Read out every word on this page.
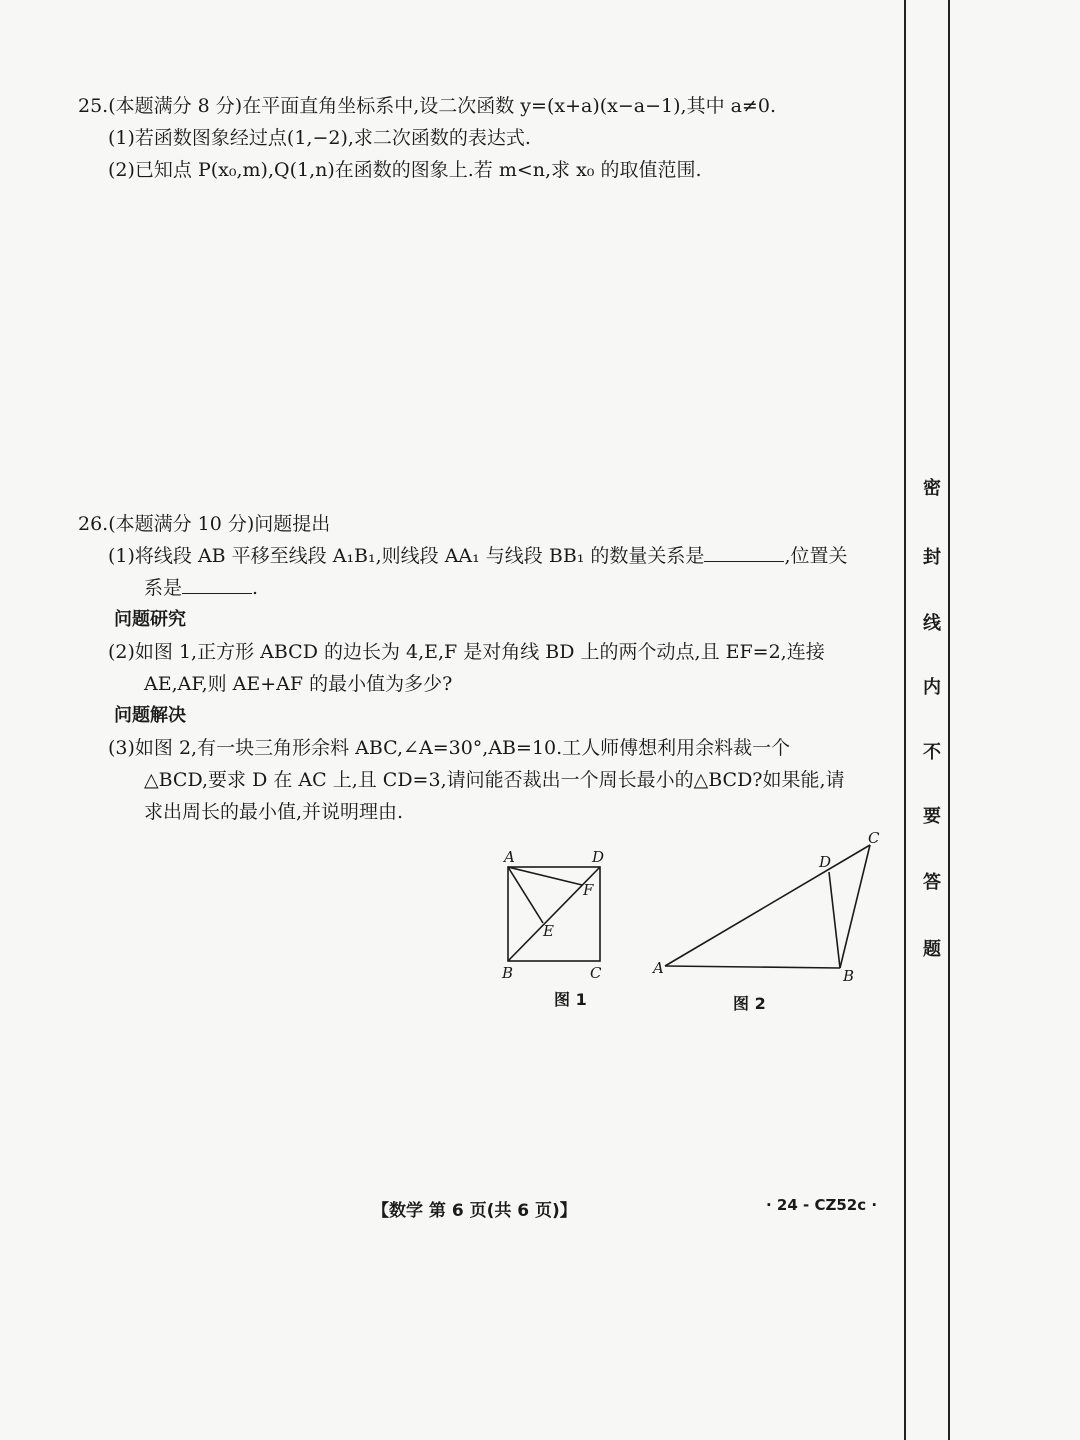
25.(本题满分 8 分)在平面直角坐标系中,设二次函数 y=(x+a)(x−a−1),其中 a≠0.
(1)若函数图象经过点(1,−2),求二次函数的表达式.
(2)已知点 P(x₀,m),Q(1,n)在函数的图象上.若 m<n,求 x₀ 的取值范围.
26.(本题满分 10 分)问题提出
(1)将线段 AB 平移至线段 A₁B₁,则线段 AA₁ 与线段 BB₁ 的数量关系是	,位置关
系是	.
问题研究
(2)如图 1,正方形 ABCD 的边长为 4,E,F 是对角线 BD 上的两个动点,且 EF=2,连接
AE,AF,则 AE+AF 的最小值为多少?
问题解决
(3)如图 2,有一块三角形余料 ABC,∠A=30°,AB=10.工人师傅想利用余料裁一个
△BCD,要求 D 在 AC 上,且 CD=3,请问能否裁出一个周长最小的△BCD?如果能,请
求出周长的最小值,并说明理由.
A	D
F
E
B	C
图 1
A	B
C
D
图 2
密
封
线
内
不
要
答
题
【数学 第 6 页(共 6 页)】	· 24 - CZ52c ·
